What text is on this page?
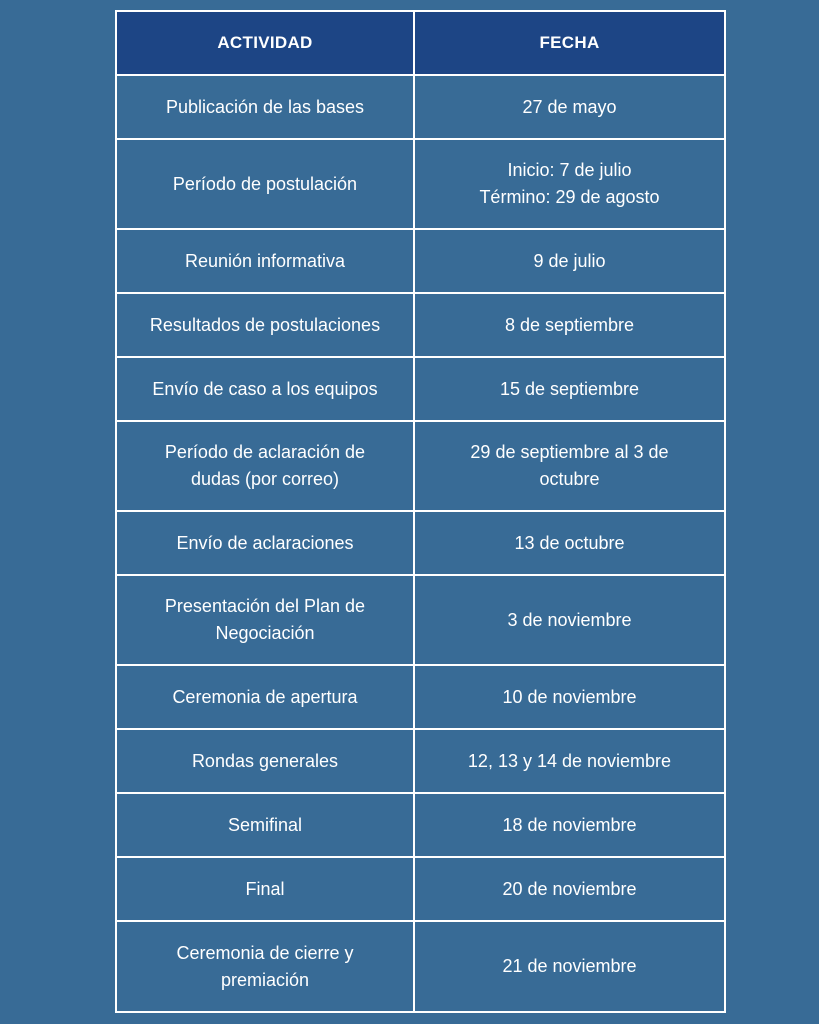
ACTIVIDAD	FECHA

Publicación de las bases	27 de mayo

Período de postulación	Inicio: 7 de julio
Término: 29 de agosto

Reunión informativa	9 de julio

Resultados de postulaciones	8 de septiembre

Envío de caso a los equipos	15 de septiembre

Período de aclaración de
dudas (por correo)	29 de septiembre al 3 de
octubre

Envío de aclaraciones	13 de octubre

Presentación del Plan de
Negociación	3 de noviembre

Ceremonia de apertura	10 de noviembre

Rondas generales	12, 13 y 14 de noviembre

Semifinal	18 de noviembre

Final	20 de noviembre

Ceremonia de cierre y
premiación	21 de noviembre
